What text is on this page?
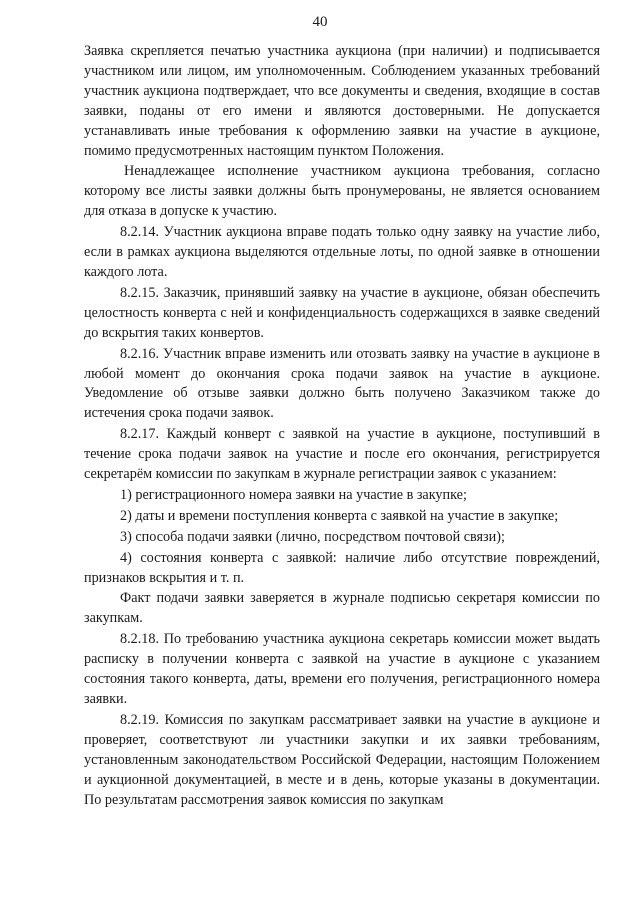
40

Заявка скрепляется печатью участника аукциона (при наличии) и подписывается участником или лицом, им уполномоченным. Соблюдением указанных требований участник аукциона подтверждает, что все документы и сведения, входящие в состав заявки, поданы от его имени и являются достоверными. Не допускается устанавливать иные требования к оформлению заявки на участие в аукционе, помимо предусмотренных настоящим пунктом Положения.

Ненадлежащее исполнение участником аукциона требования, согласно которому все листы заявки должны быть пронумерованы, не является основанием для отказа в допуске к участию.

8.2.14. Участник аукциона вправе подать только одну заявку на участие либо, если в рамках аукциона выделяются отдельные лоты, по одной заявке в отношении каждого лота.

8.2.15. Заказчик, принявший заявку на участие в аукционе, обязан обеспечить целостность конверта с ней и конфиденциальность содержащихся в заявке сведений до вскрытия таких конвертов.

8.2.16. Участник вправе изменить или отозвать заявку на участие в аукционе в любой момент до окончания срока подачи заявок на участие в аукционе. Уведомление об отзыве заявки должно быть получено Заказчиком также до истечения срока подачи заявок.

8.2.17. Каждый конверт с заявкой на участие в аукционе, поступивший в течение срока подачи заявок на участие и после его окончания, регистрируется секретарём комиссии по закупкам в журнале регистрации заявок с указанием:

1) регистрационного номера заявки на участие в закупке;

2) даты и времени поступления конверта с заявкой на участие в закупке;

3) способа подачи заявки (лично, посредством почтовой связи);

4) состояния конверта с заявкой: наличие либо отсутствие повреждений, признаков вскрытия и т. п.

Факт подачи заявки заверяется в журнале подписью секретаря комиссии по закупкам.

8.2.18. По требованию участника аукциона секретарь комиссии может выдать расписку в получении конверта с заявкой на участие в аукционе с указанием состояния такого конверта, даты, времени его получения, регистрационного номера заявки.

8.2.19. Комиссия по закупкам рассматривает заявки на участие в аукционе и проверяет, соответствуют ли участники закупки и их заявки требованиям, установленным законодательством Российской Федерации, настоящим Положением и аукционной документацией, в месте и в день, которые указаны в документации. По результатам рассмотрения заявок комиссия по закупкам
